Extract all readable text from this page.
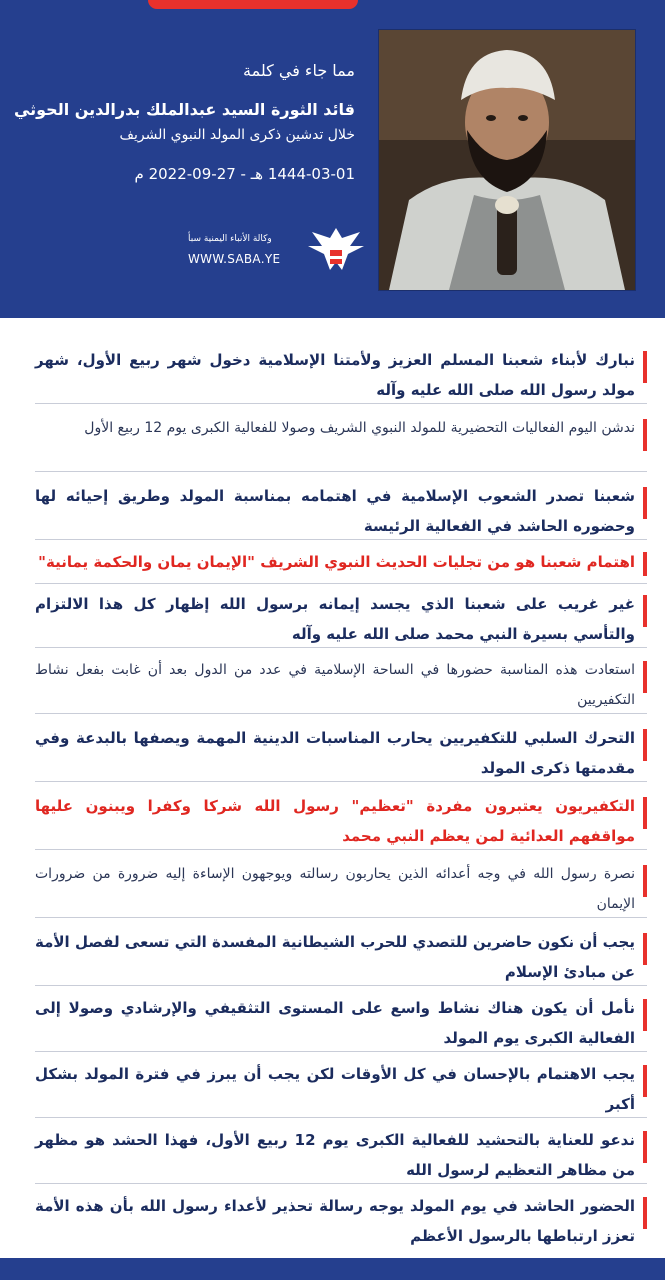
مما جاء في كلمة
قائد الثورة السيد عبدالملك بدرالدين الحوثي
خلال تدشين ذكرى المولد النبوي الشريف
1444-03-01 هـ - 27-09-2022 م
وكالة الأنباء اليمنية سبأ
WWW.SABA.YE
نبارك لأبناء شعبنا المسلم العزيز ولأمتنا الإسلامية دخول شهر ربيع الأول، شهر مولد رسول الله صلى الله عليه وآله
ندشن اليوم الفعاليات التحضيرية للمولد النبوي الشريف وصولا للفعالية الكبرى يوم 12 ربيع الأول
شعبنا تصدر الشعوب الإسلامية في اهتمامه بمناسبة المولد وطريق إحيائه لها وحضوره الحاشد في الفعالية الرئيسة
اهتمام شعبنا هو من تجليات الحديث النبوي الشريف "الإيمان يمان والحكمة يمانية"
غير غريب على شعبنا الذي يجسد إيمانه برسول الله إظهار كل هذا الالتزام والتأسي بسيرة النبي محمد صلى الله عليه وآله
استعادت هذه المناسبة حضورها في الساحة الإسلامية في عدد من الدول بعد أن غابت بفعل نشاط التكفيريين
التحرك السلبي للتكفيريين يحارب المناسبات الدينية المهمة ويصفها بالبدعة وفي مقدمتها ذكرى المولد
التكفيريون يعتبرون مفردة "تعظيم" رسول الله شركا وكفرا ويبنون عليها مواقفهم العدائية لمن يعظم النبي محمد
نصرة رسول الله في وجه أعدائه الذين يحاربون رسالته ويوجهون الإساءة إليه ضرورة من ضرورات الإيمان
يجب أن نكون حاضرين للتصدي للحرب الشيطانية المفسدة التي تسعى لفصل الأمة عن مبادئ الإسلام
نأمل أن يكون هناك نشاط واسع على المستوى التثقيفي والإرشادي وصولا إلى الفعالية الكبرى يوم المولد
يجب الاهتمام بالإحسان في كل الأوقات لكن يجب أن يبرز في فترة المولد بشكل أكبر
ندعو للعناية بالتحشيد للفعالية الكبرى يوم 12 ربيع الأول، فهذا الحشد هو مظهر من مظاهر التعظيم لرسول الله
الحضور الحاشد في يوم المولد يوجه رسالة تحذير لأعداء رسول الله بأن هذه الأمة تعزز ارتباطها بالرسول الأعظم
